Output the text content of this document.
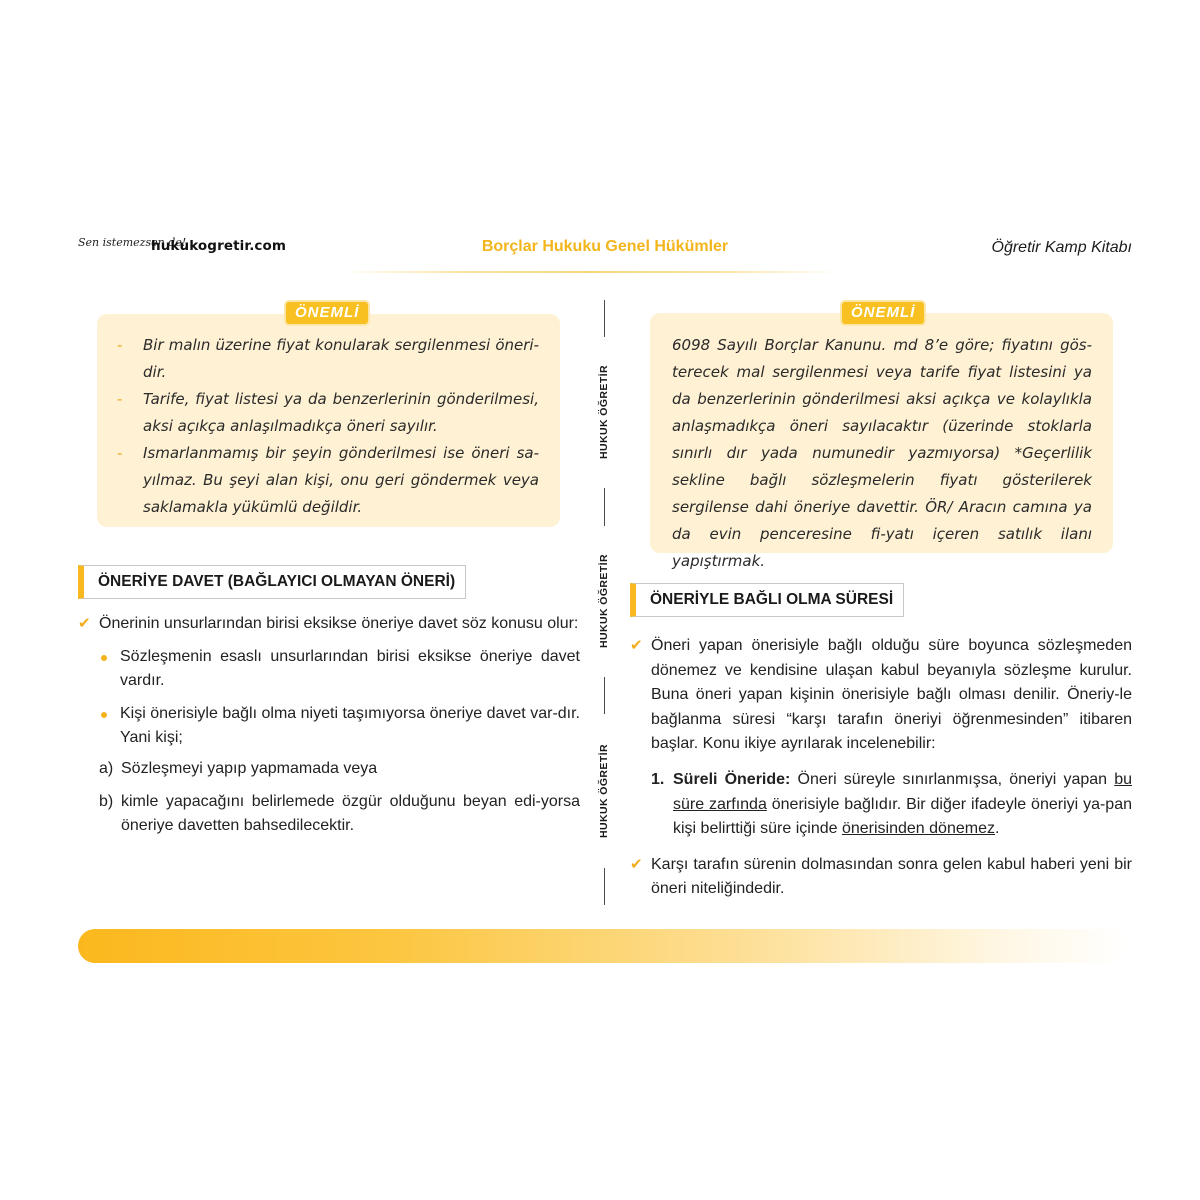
Sen istemezsen de!
hukukogretir.com	Borçlar Hukuku Genel Hükümler	Öğretir Kamp Kitabı
ÖNEMLİ
- Bir malın üzerine fiyat konularak sergilenmesi öneri-dir.
- Tarife, fiyat listesi ya da benzerlerinin gönderilmesi, aksi açıkça anlaşılmadıkça öneri sayılır.
- Ismarlanmamış bir şeyin gönderilmesi ise öneri sa-yılmaz. Bu şeyi alan kişi, onu geri göndermek veya saklamakla yükümlü değildir.
ÖNERİYE DAVET (BAĞLAYICI OLMAYAN ÖNERİ)
✔ Önerinin unsurlarından birisi eksikse öneriye davet söz konusu olur:
Sözleşmenin esaslı unsurlarından birisi eksikse öneriye davet vardır.
Kişi önerisiyle bağlı olma niyeti taşımıyorsa öneriye davet var-dır. Yani kişi;
a) Sözleşmeyi yapıp yapmamada veya
b) kimle yapacağını belirlemede özgür olduğunu beyan edi-yorsa öneriye davetten bahsedilecektir.
HUKUK ÖĞRETİR
HUKUK ÖĞRETİR
HUKUK ÖĞRETİR
ÖNEMLİ
6098 Sayılı Borçlar Kanunu. md 8’e göre; fiyatını gös-terecek mal sergilenmesi veya tarife fiyat listesini ya da benzerlerinin gönderilmesi aksi açıkça ve kolaylıkla anlaşmadıkça öneri sayılacaktır (üzerinde stoklarla sınırlı dır yada numunedir yazmıyorsa) *Geçerlilik sekline bağlı sözleşmelerin fiyatı gösterilerek sergilense dahi öneriye davettir. ÖR/ Aracın camına ya da evin penceresine fi-yatı içeren satılık ilanı yapıştırmak.
ÖNERİYLE BAĞLI OLMA SÜRESİ
✔ Öneri yapan önerisiyle bağlı olduğu süre boyunca sözleşmeden dönemez ve kendisine ulaşan kabul beyanıyla sözleşme kurulur. Buna öneri yapan kişinin önerisiyle bağlı olması denilir. Öneriy-le bağlanma süresi “karşı tarafın öneriyi öğrenmesinden” itibaren başlar. Konu ikiye ayrılarak incelenebilir:
1. Süreli Öneride: Öneri süreyle sınırlanmışsa, öneriyi yapan bu süre zarfında önerisiyle bağlıdır. Bir diğer ifadeyle öneriyi ya-pan kişi belirttiği süre içinde önerisinden dönemez.
✔ Karşı tarafın sürenin dolmasından sonra gelen kabul haberi yeni bir öneri niteliğindedir.
